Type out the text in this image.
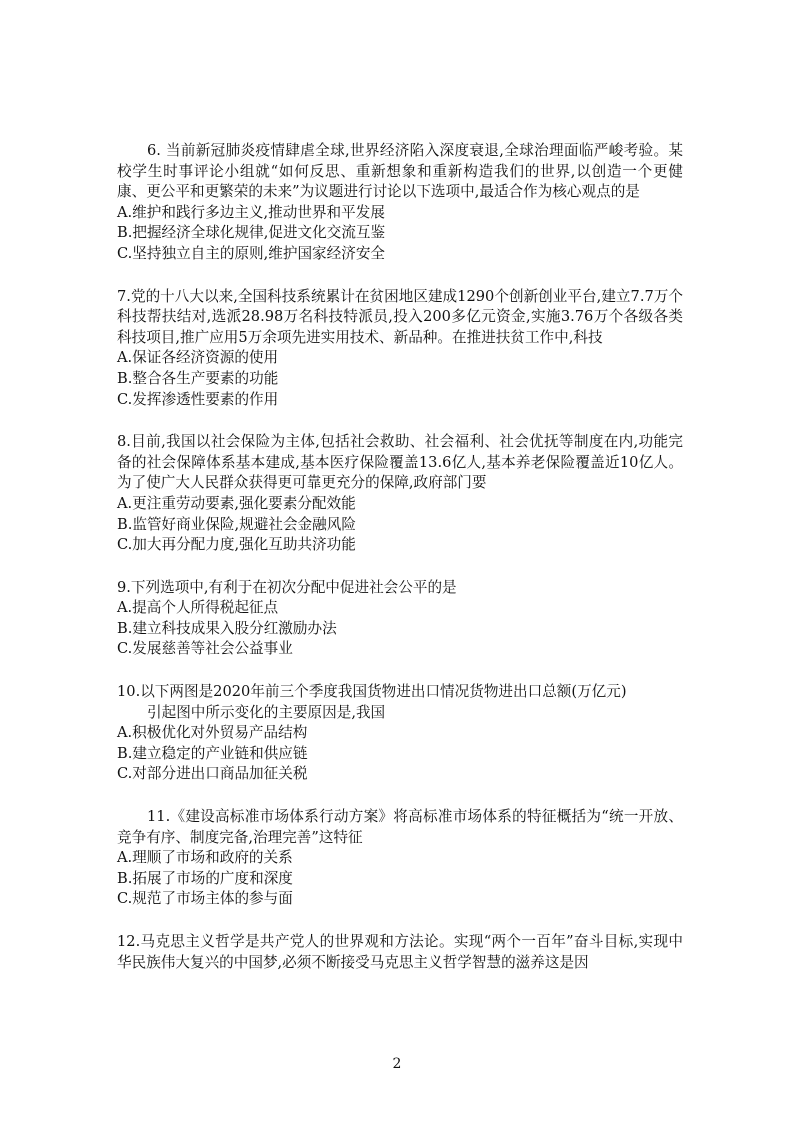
6. 当前新冠肺炎疫情肆虐全球,世界经济陷入深度衰退,全球治理面临严峻考验。某校学生时事评论小组就“如何反思、重新想象和重新构造我们的世界,以创造一个更健康、更公平和更繁荣的未来”为议题进行讨论以下选项中,最适合作为核心观点的是

A.维护和践行多边主义,推动世界和平发展

B.把握经济全球化规律,促进文化交流互鉴

C.坚持独立自主的原则,维护国家经济安全

7.党的十八大以来,全国科技系统累计在贫困地区建成1290个创新创业平台,建立7.7万个科技帮扶结对,选派28.98万名科技特派员,投入200多亿元资金,实施3.76万个各级各类科技项目,推广应用5万余项先进实用技术、新品种。在推进扶贫工作中,科技

A.保证各经济资源的使用

B.整合各生产要素的功能

C.发挥渗透性要素的作用

8.目前,我国以社会保险为主体,包括社会救助、社会福利、社会优抚等制度在内,功能完备的社会保障体系基本建成,基本医疗保险覆盖13.6亿人,基本养老保险覆盖近10亿人。为了使广大人民群众获得更可靠更充分的保障,政府部门要

A.更注重劳动要素,强化要素分配效能

B.监管好商业保险,规避社会金融风险

C.加大再分配力度,强化互助共济功能

9.下列选项中,有利于在初次分配中促进社会公平的是

A.提高个人所得税起征点

B.建立科技成果入股分红激励办法

C.发展慈善等社会公益事业

10.以下两图是2020年前三个季度我国货物进出口情况货物进出口总额(万亿元)

引起图中所示变化的主要原因是,我国

A.积极优化对外贸易产品结构

B.建立稳定的产业链和供应链

C.对部分进出口商品加征关税

11.《建设高标准市场体系行动方案》将高标准市场体系的特征概括为“统一开放、竞争有序、制度完备,治理完善”这特征

A.理顺了市场和政府的关系

B.拓展了市场的广度和深度

C.规范了市场主体的参与面

12.马克思主义哲学是共产党人的世界观和方法论。实现“两个一百年”奋斗目标,实现中华民族伟大复兴的中国梦,必须不断接受马克思主义哲学智慧的滋养这是因

2
